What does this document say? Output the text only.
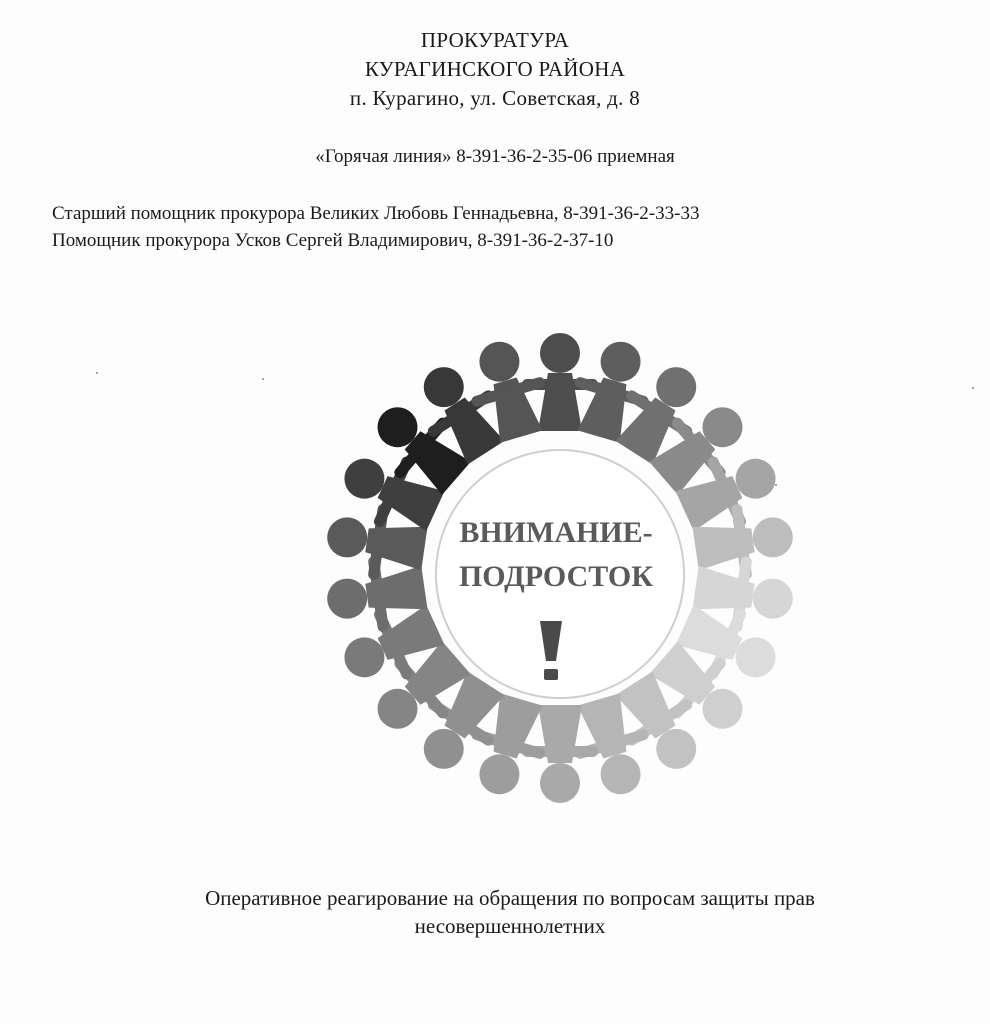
ПРОКУРАТУРА
КУРАГИНСКОГО РАЙОНА
п. Курагино, ул. Советская, д. 8
«Горячая линия» 8-391-36-2-35-06 приемная
Старший помощник прокурора Великих Любовь Геннадьевна, 8-391-36-2-33-33
Помощник прокурора Усков Сергей Владимирович, 8-391-36-2-37-10
ВНИМАНИЕ-
ПОДРОСТОК
Оперативное реагирование на обращения по вопросам защиты прав
несовершеннолетних
